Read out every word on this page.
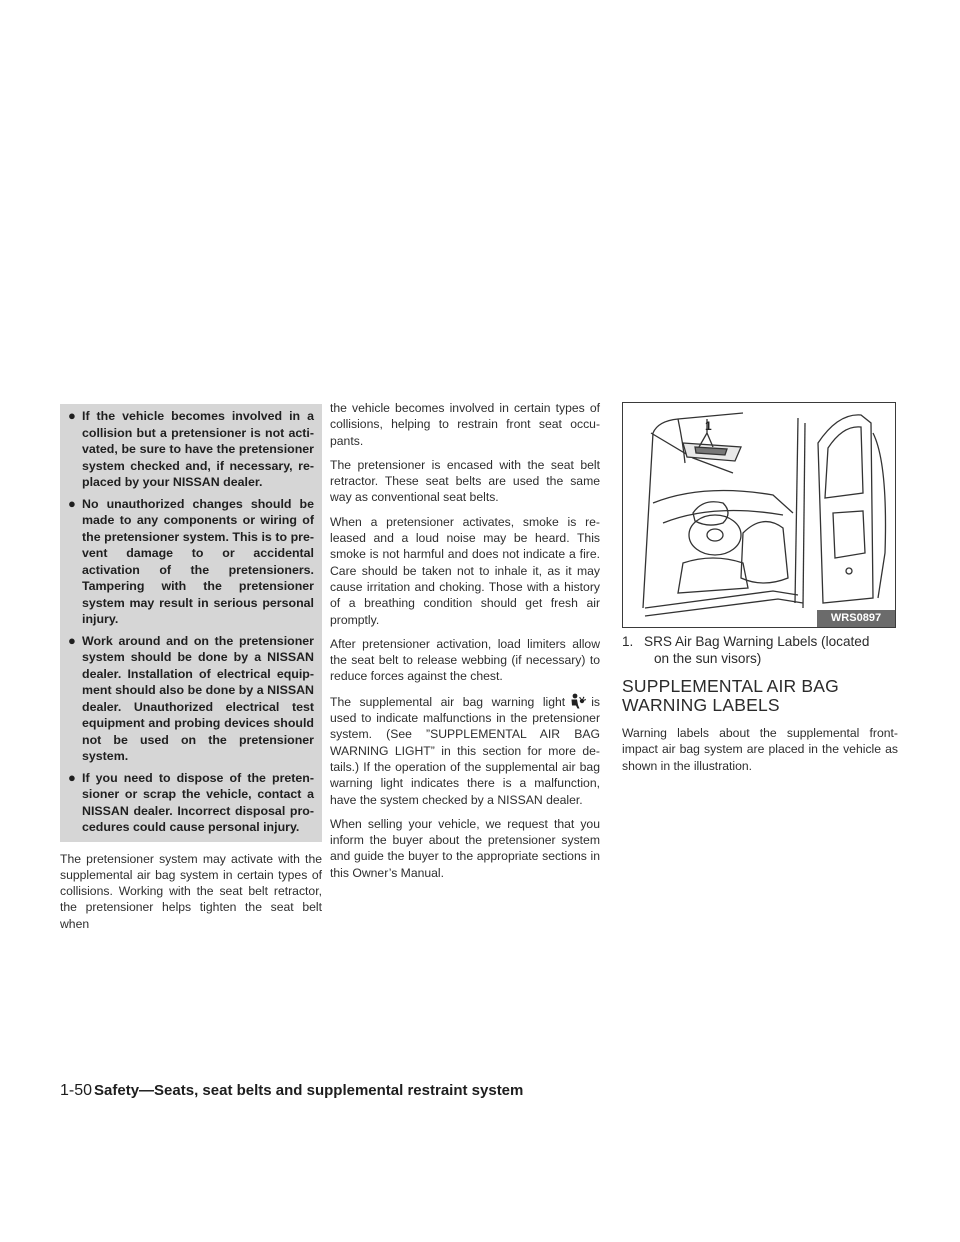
● If the vehicle becomes involved in a collision but a pretensioner is not acti-vated, be sure to have the pretensioner system checked and, if necessary, re-placed by your NISSAN dealer.
● No unauthorized changes should be made to any components or wiring of the pretensioner system. This is to pre-vent damage to or accidental activation of the pretensioners. Tampering with the pretensioner system may result in serious personal injury.
● Work around and on the pretensioner system should be done by a NISSAN dealer. Installation of electrical equip-ment should also be done by a NISSAN dealer. Unauthorized electrical test equipment and probing devices should not be used on the pretensioner system.
● If you need to dispose of the preten-sioner or scrap the vehicle, contact a NISSAN dealer. Incorrect disposal pro-cedures could cause personal injury.

The pretensioner system may activate with the supplemental air bag system in certain types of collisions. Working with the seat belt retractor, the pretensioner helps tighten the seat belt when

the vehicle becomes involved in certain types of collisions, helping to restrain front seat occu-pants.

The pretensioner is encased with the seat belt retractor. These seat belts are used the same way as conventional seat belts.

When a pretensioner activates, smoke is re-leased and a loud noise may be heard. This smoke is not harmful and does not indicate a fire. Care should be taken not to inhale it, as it may cause irritation and choking. Those with a history of a breathing condition should get fresh air promptly.

After pretensioner activation, load limiters allow the seat belt to release webbing (if necessary) to reduce forces against the chest.

The supplemental air bag warning light is used to indicate malfunctions in the pretensioner system. (See ”SUPPLEMENTAL AIR BAG WARNING LIGHT” in this section for more de-tails.) If the operation of the supplemental air bag warning light indicates there is a malfunction, have the system checked by a NISSAN dealer.

When selling your vehicle, we request that you inform the buyer about the pretensioner system and guide the buyer to the appropriate sections in this Owner’s Manual.

1
WRS0897
1. SRS Air Bag Warning Labels (located
on the sun visors)
SUPPLEMENTAL AIR BAG
WARNING LABELS

Warning labels about the supplemental front-impact air bag system are placed in the vehicle as shown in the illustration.

1-50 Safety—Seats, seat belts and supplemental restraint system
